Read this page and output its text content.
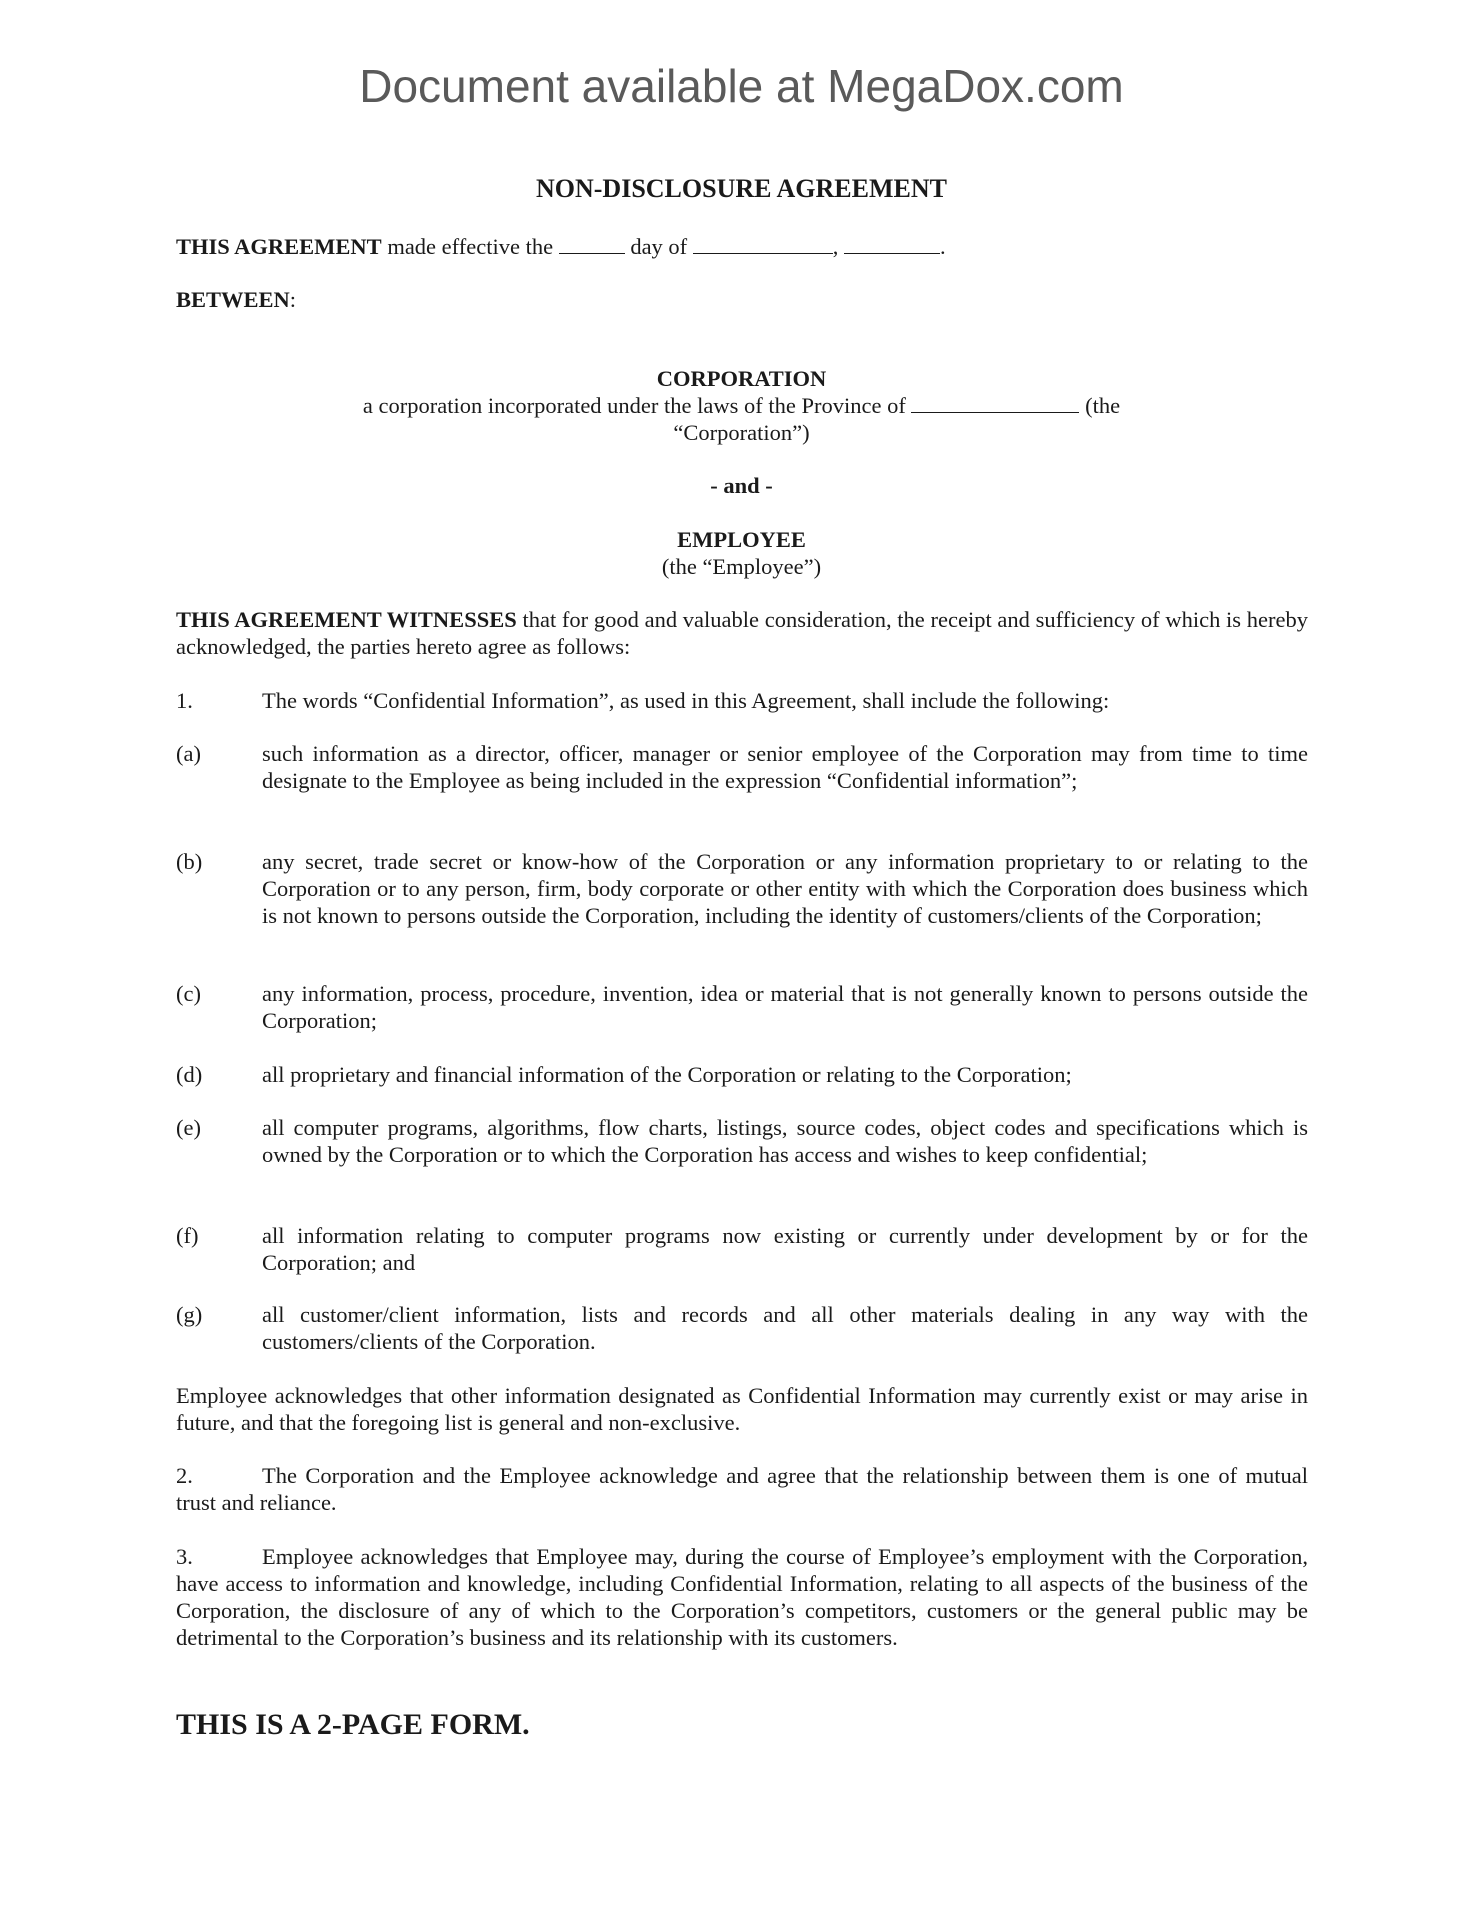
Document available at MegaDox.com
NON-DISCLOSURE AGREEMENT
THIS AGREEMENT made effective the	day of	,	.
BETWEEN:
CORPORATION
a corporation incorporated under the laws of the Province of	(the
“Corporation”)
- and -
EMPLOYEE
(the “Employee”)
THIS AGREEMENT WITNESSES that for good and valuable consideration, the receipt and sufficiency of which is hereby acknowledged, the parties hereto agree as follows:
1.	The words “Confidential Information”, as used in this Agreement, shall include the following:
(a)	such information as a director, officer, manager or senior employee of the Corporation may from time to time designate to the Employee as being included in the expression “Confidential information”;
(b)	any secret, trade secret or know-how of the Corporation or any information proprietary to or relating to the Corporation or to any person, firm, body corporate or other entity with which the Corporation does business which is not known to persons outside the Corporation, including the identity of customers/clients of the Corporation;
(c)	any information, process, procedure, invention, idea or material that is not generally known to persons outside the Corporation;
(d)	all proprietary and financial information of the Corporation or relating to the Corporation;
(e)	all computer programs, algorithms, flow charts, listings, source codes, object codes and specifications which is owned by the Corporation or to which the Corporation has access and wishes to keep confidential;
(f)	all information relating to computer programs now existing or currently under development by or for the Corporation; and
(g)	all customer/client information, lists and records and all other materials dealing in any way with the customers/clients of the Corporation.
Employee acknowledges that other information designated as Confidential Information may currently exist or may arise in future, and that the foregoing list is general and non-exclusive.
2.	The Corporation and the Employee acknowledge and agree that the relationship between them is one of mutual trust and reliance.
3.	Employee acknowledges that Employee may, during the course of Employee’s employment with the Corporation, have access to information and knowledge, including Confidential Information, relating to all aspects of the business of the Corporation, the disclosure of any of which to the Corporation’s competitors, customers or the general public may be detrimental to the Corporation’s business and its relationship with its customers.
THIS IS A 2-PAGE FORM.
